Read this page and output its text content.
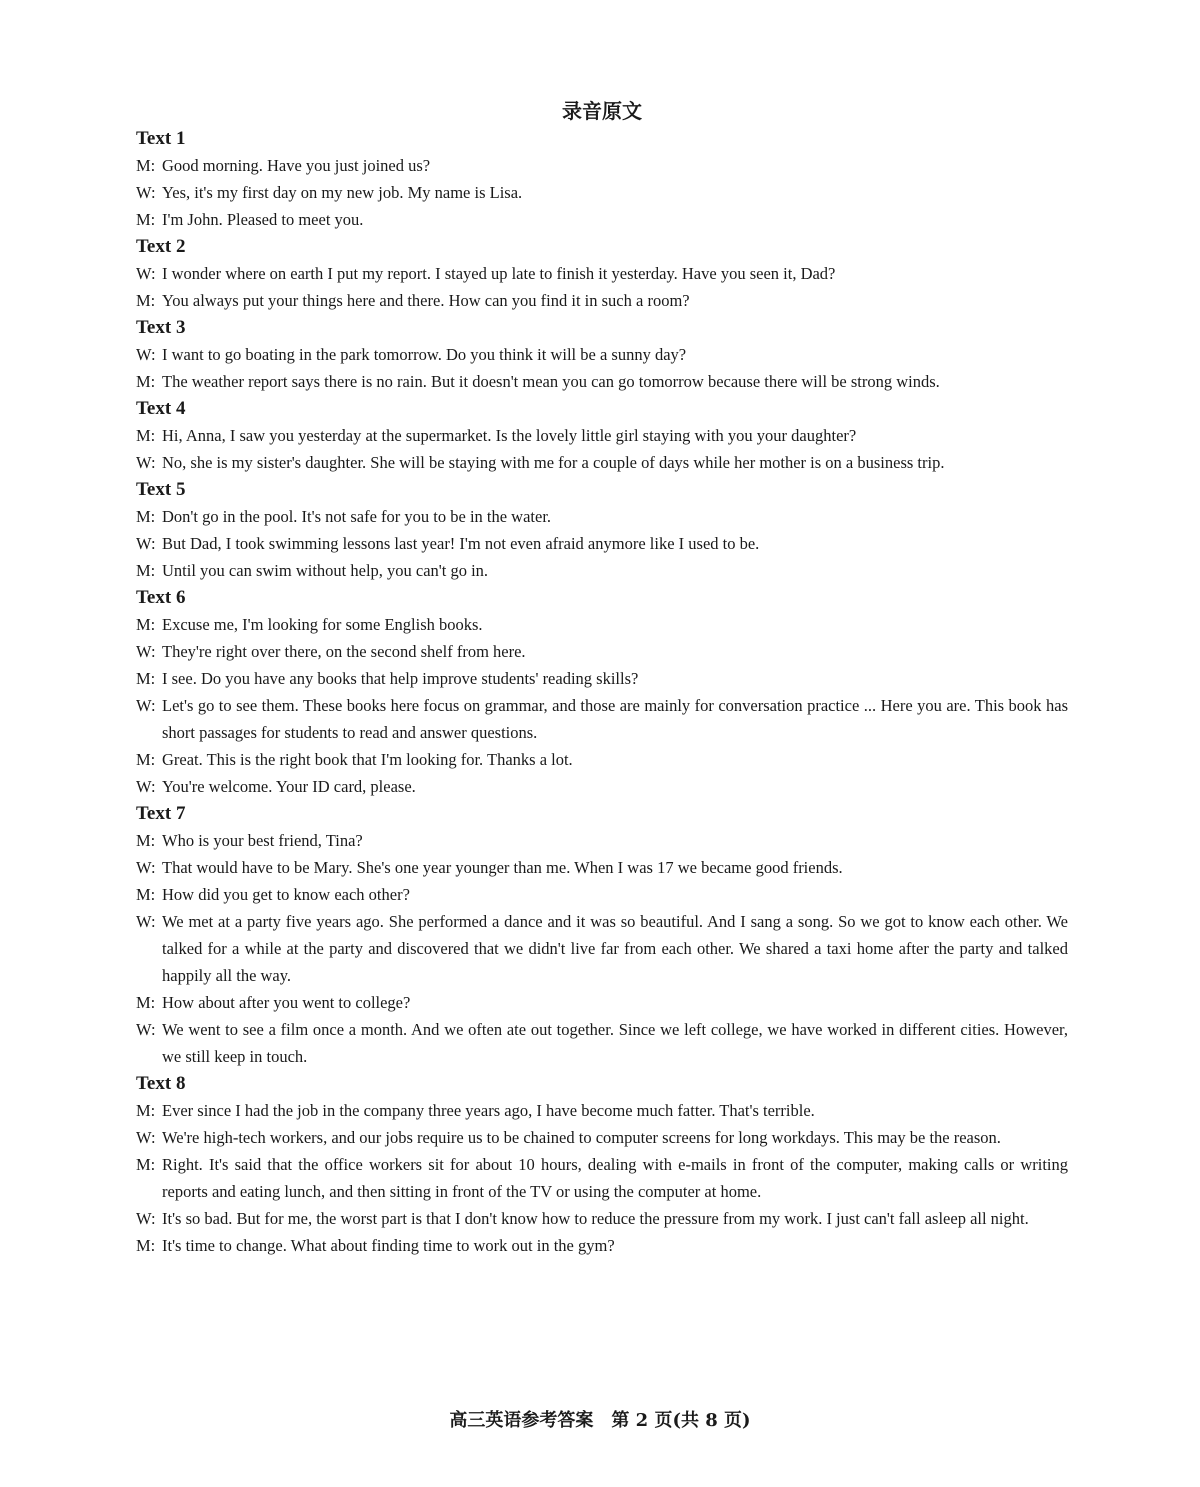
录音原文
Text 1
M: Good morning. Have you just joined us?
W: Yes, it's my first day on my new job. My name is Lisa.
M: I'm John. Pleased to meet you.
Text 2
W: I wonder where on earth I put my report. I stayed up late to finish it yesterday. Have you seen it, Dad?
M: You always put your things here and there. How can you find it in such a room?
Text 3
W: I want to go boating in the park tomorrow. Do you think it will be a sunny day?
M: The weather report says there is no rain. But it doesn't mean you can go tomorrow because there will be strong winds.
Text 4
M: Hi, Anna, I saw you yesterday at the supermarket. Is the lovely little girl staying with you your daughter?
W: No, she is my sister's daughter. She will be staying with me for a couple of days while her mother is on a business trip.
Text 5
M: Don't go in the pool. It's not safe for you to be in the water.
W: But Dad, I took swimming lessons last year! I'm not even afraid anymore like I used to be.
M: Until you can swim without help, you can't go in.
Text 6
M: Excuse me, I'm looking for some English books.
W: They're right over there, on the second shelf from here.
M: I see. Do you have any books that help improve students' reading skills?
W: Let's go to see them. These books here focus on grammar, and those are mainly for conversation practice ... Here you are. This book has short passages for students to read and answer questions.
M: Great. This is the right book that I'm looking for. Thanks a lot.
W: You're welcome. Your ID card, please.
Text 7
M: Who is your best friend, Tina?
W: That would have to be Mary. She's one year younger than me. When I was 17 we became good friends.
M: How did you get to know each other?
W: We met at a party five years ago. She performed a dance and it was so beautiful. And I sang a song. So we got to know each other. We talked for a while at the party and discovered that we didn't live far from each other. We shared a taxi home after the party and talked happily all the way.
M: How about after you went to college?
W: We went to see a film once a month. And we often ate out together. Since we left college, we have worked in different cities. However, we still keep in touch.
Text 8
M: Ever since I had the job in the company three years ago, I have become much fatter. That's terrible.
W: We're high-tech workers, and our jobs require us to be chained to computer screens for long workdays. This may be the reason.
M: Right. It's said that the office workers sit for about 10 hours, dealing with e-mails in front of the computer, making calls or writing reports and eating lunch, and then sitting in front of the TV or using the computer at home.
W: It's so bad. But for me, the worst part is that I don't know how to reduce the pressure from my work. I just can't fall asleep all night.
M: It's time to change. What about finding time to work out in the gym?
高三英语参考答案　第 2 页(共 8 页)
